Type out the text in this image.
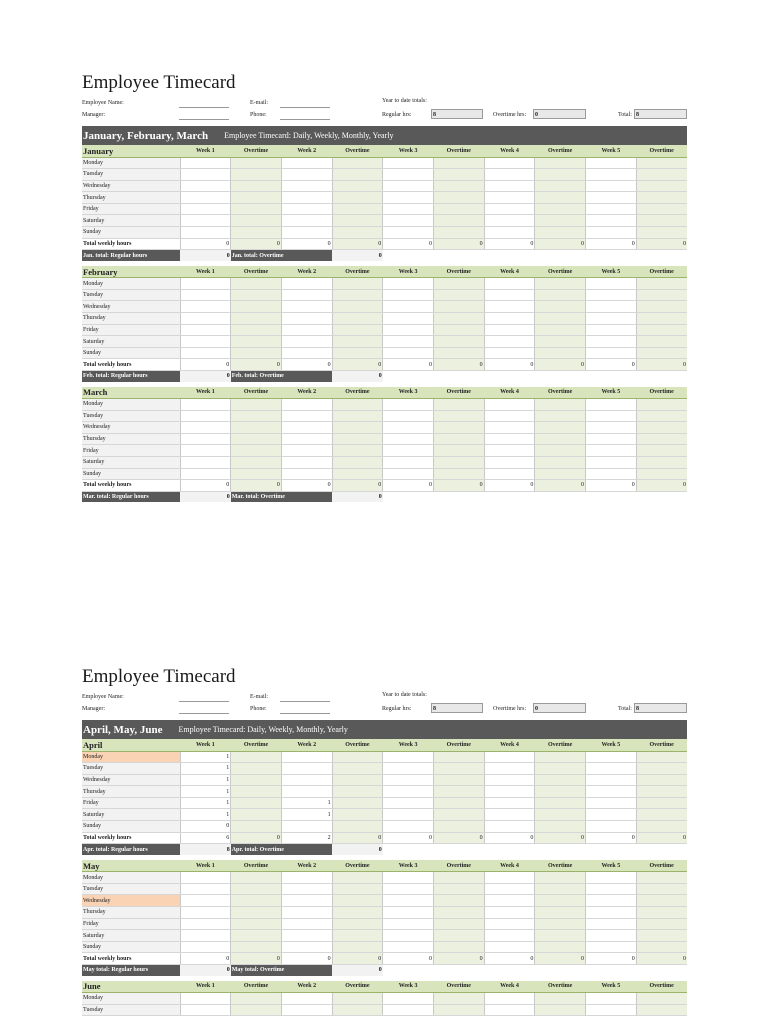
Employee Timecard
Employee Name:
Manager:
E-mail:
Phone:
Year to date totals:
Regular hrs:	8	Overtime hrs:	0	Total: 8
January, February, March Employee Timecard: Daily, Weekly, Monthly, Yearly
January	Week 1	Overtime	Week 2	Overtime	Week 3	Overtime	Week 4	Overtime	Week 5	Overtime
Monday										
Tuesday										
Wednesday										
Thursday										
Friday										
Saturday										
Sunday										
Total weekly hours	0	0	0	0	0	0	0	0	0	0
Jan. total: Regular hours	0	Jan. total: Overtime		0						
February	Week 1	Overtime	Week 2	Overtime	Week 3	Overtime	Week 4	Overtime	Week 5	Overtime
Monday										
Tuesday										
Wednesday										
Thursday										
Friday										
Saturday										
Sunday										
Total weekly hours	0	0	0	0	0	0	0	0	0	0
Feb. total: Regular hours	0	Feb. total: Overtime		0						
March	Week 1	Overtime	Week 2	Overtime	Week 3	Overtime	Week 4	Overtime	Week 5	Overtime
Monday										
Tuesday										
Wednesday										
Thursday										
Friday										
Saturday										
Sunday										
Total weekly hours	0	0	0	0	0	0	0	0	0	0
Mar. total: Regular hours	0	Mar. total: Overtime		0						
Employee Timecard
Employee Name:
Manager:
E-mail:
Phone:
Year to date totals:
Regular hrs:	8	Overtime hrs:	0	Total: 8
April, May, June Employee Timecard: Daily, Weekly, Monthly, Yearly
April	Week 1	Overtime	Week 2	Overtime	Week 3	Overtime	Week 4	Overtime	Week 5	Overtime
Monday	1									
Tuesday	1									
Wednesday	1									
Thursday	1									
Friday	1		1							
Saturday	1		1							
Sunday	0									
Total weekly hours	6	0	2	0	0	0	0	0	0	0
Apr. total: Regular hours	8	Apr. total: Overtime		0						
May	Week 1	Overtime	Week 2	Overtime	Week 3	Overtime	Week 4	Overtime	Week 5	Overtime
Monday										
Tuesday										
Wednesday										
Thursday										
Friday										
Saturday										
Sunday										
Total weekly hours	0	0	0	0	0	0	0	0	0	0
May total: Regular hours	0	May total: Overtime		0						
June	Week 1	Overtime	Week 2	Overtime	Week 3	Overtime	Week 4	Overtime	Week 5	Overtime
Monday										
Tuesday										
